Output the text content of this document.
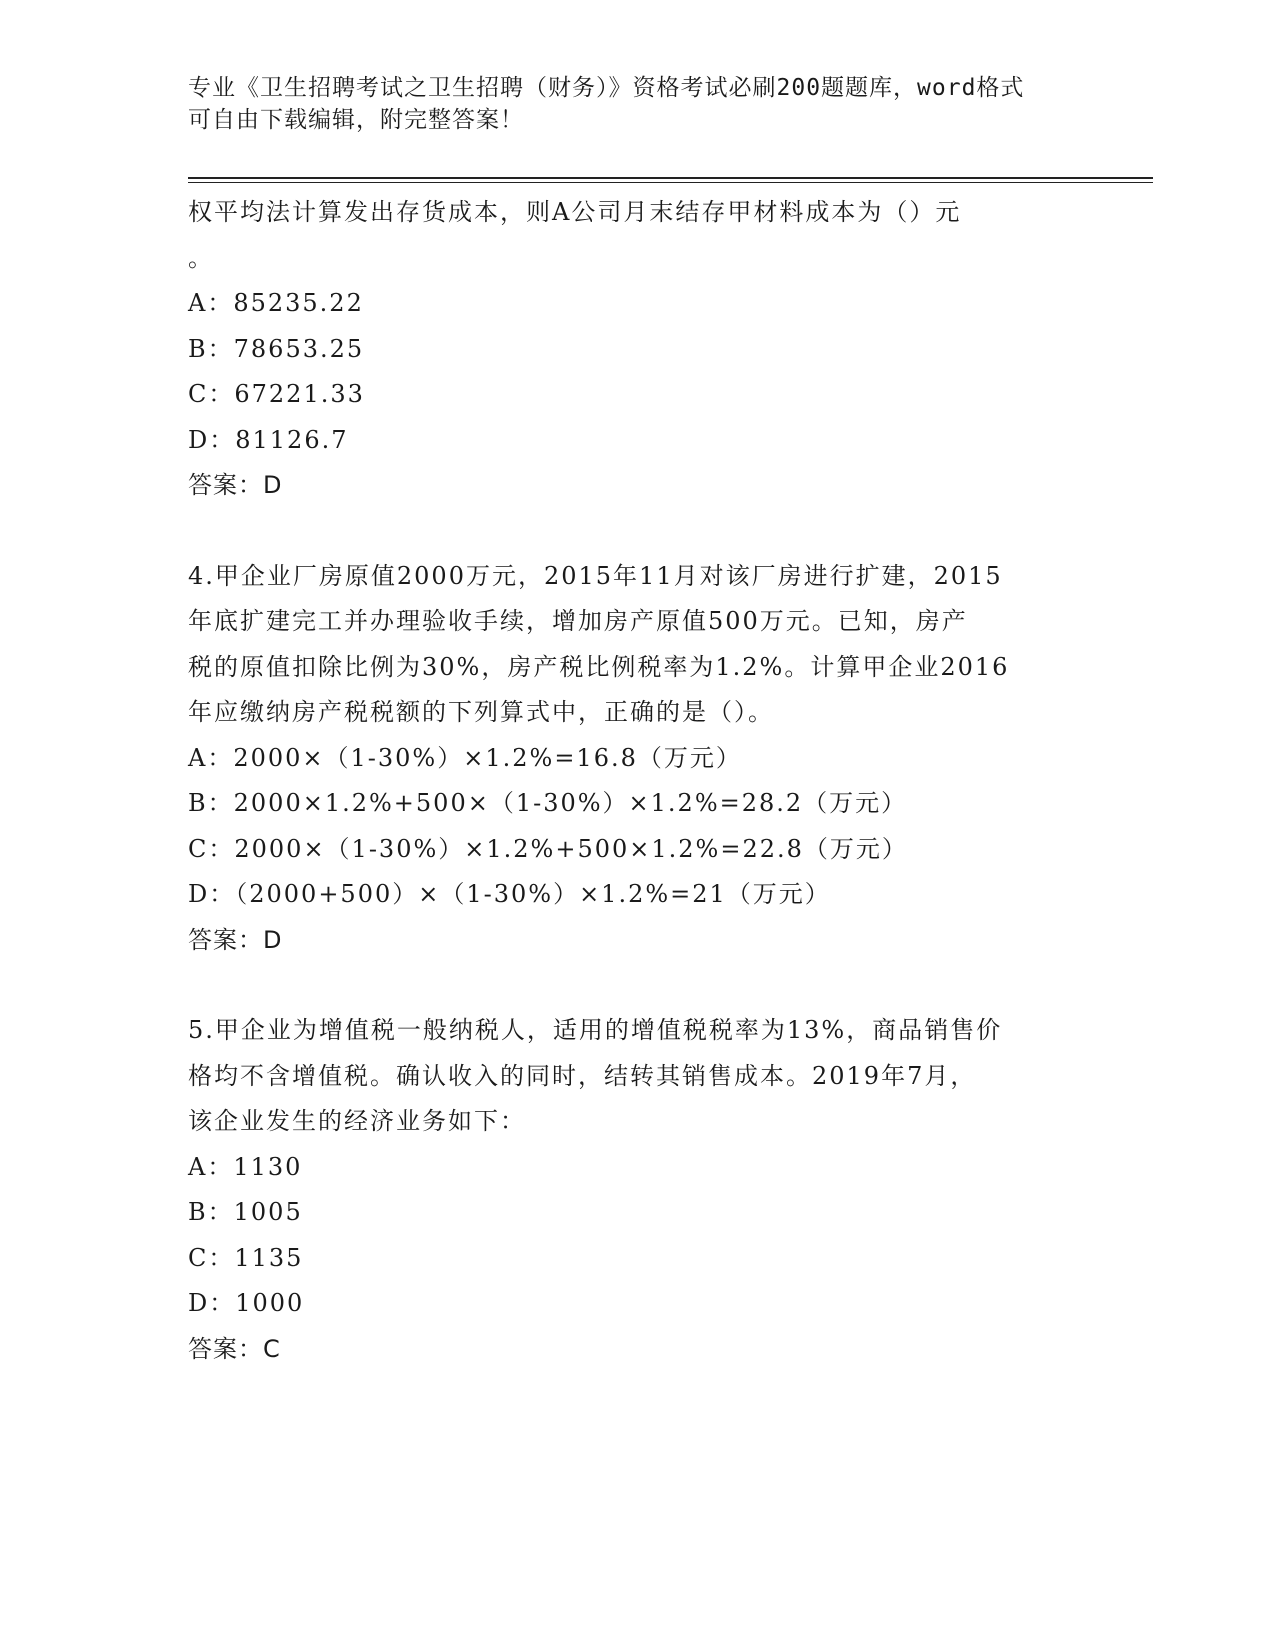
专业《卫生招聘考试之卫生招聘（财务）》资格考试必刷200题题库，word格式
可自由下载编辑，附完整答案！
权平均法计算发出存货成本，则A公司月末结存甲材料成本为（）元
。
A：85235.22
B：78653.25
C：67221.33
D：81126.7
答案：D
4.甲企业厂房原值2000万元，2015年11月对该厂房进行扩建，2015
年底扩建完工并办理验收手续，增加房产原值500万元。已知，房产
税的原值扣除比例为30%，房产税比例税率为1.2%。计算甲企业2016
年应缴纳房产税税额的下列算式中，正确的是（）。
A：2000×（1-30%）×1.2%=16.8（万元）
B：2000×1.2%+500×（1-30%）×1.2%=28.2（万元）
C：2000×（1-30%）×1.2%+500×1.2%=22.8（万元）
D：（2000+500）×（1-30%）×1.2%=21（万元）
答案：D
5.甲企业为增值税一般纳税人，适用的增值税税率为13%，商品销售价
格均不含增值税。确认收入的同时，结转其销售成本。2019年7月，
该企业发生的经济业务如下：
A：1130
B：1005
C：1135
D：1000
答案：C
